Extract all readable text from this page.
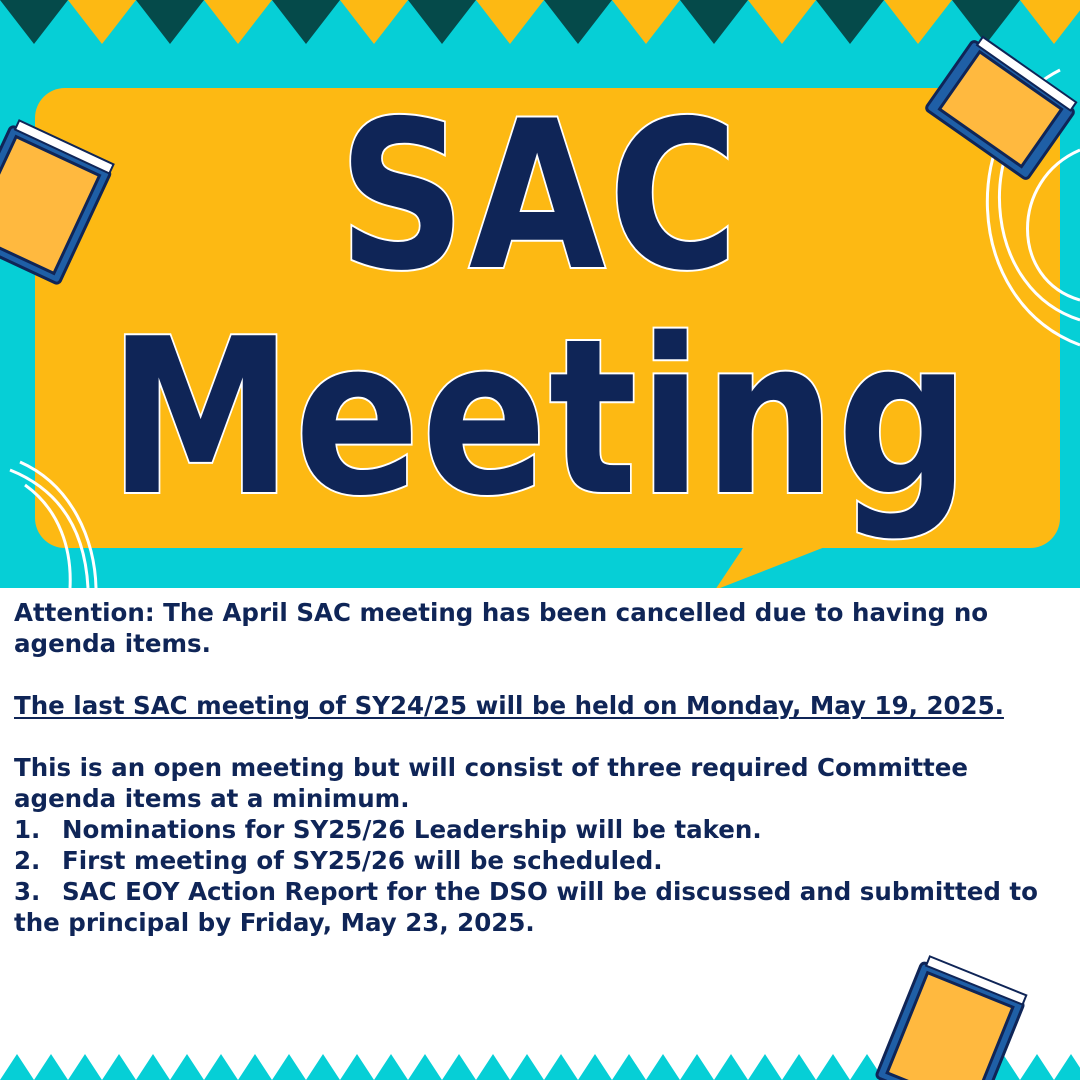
SAC
Meeting

Attention: The April SAC meeting has been cancelled due to having no agenda items.

The last SAC meeting of SY24/25 will be held on Monday, May 19, 2025.

This is an open meeting but will consist of three required Committee agenda items at a minimum.

1. Nominations for SY25/26 Leadership will be taken.
2. First meeting of SY25/26 will be scheduled.
3. SAC EOY Action Report for the DSO will be discussed and submitted to the principal by Friday, May 23, 2025.
